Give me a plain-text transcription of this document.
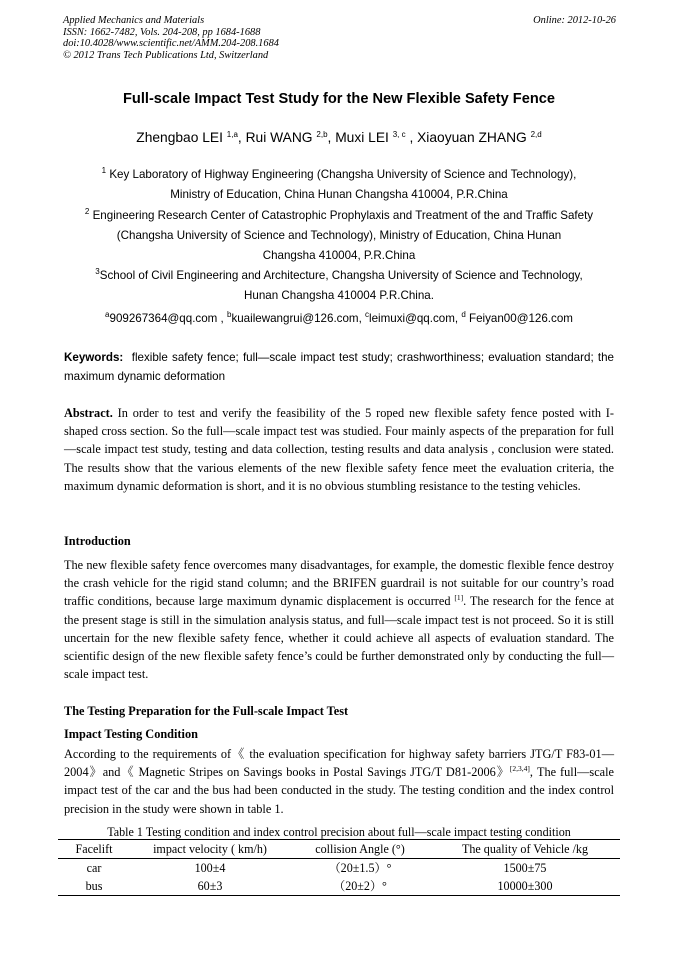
Applied Mechanics and Materials
ISSN: 1662-7482, Vols. 204-208, pp 1684-1688
doi:10.4028/www.scientific.net/AMM.204-208.1684
© 2012 Trans Tech Publications Ltd, Switzerland
Online: 2012-10-26
Full-scale Impact Test Study for the New Flexible Safety Fence
Zhengbao LEI $^{1,a}$, Rui WANG $^{2,b}$, Muxi LEI $^{3, c}$ , Xiaoyuan ZHANG $^{2,d}$
$^1$ Key Laboratory of Highway Engineering (Changsha University of Science and Technology),
Ministry of Education, China Hunan Changsha 410004, P.R.China
$^2$ Engineering Research Center of Catastrophic Prophylaxis and Treatment of the and Traffic Safety
(Changsha University of Science and Technology), Ministry of Education, China Hunan
Changsha 410004, P.R.China
$^3$School of Civil Engineering and Architecture, Changsha University of Science and Technology,
Hunan Changsha 410004 P.R.China.
$^a$909267364@qq.com , $^b$kuailewangrui@126.com, $^c$leimuxi@qq.com, $^d$ Feiyan00@126.com
Keywords: flexible safety fence; full—scale impact test study; crashworthiness; evaluation standard; the maximum dynamic deformation
Abstract. In order to test and verify the feasibility of the 5 roped new flexible safety fence posted with I-shaped cross section. So the full—scale impact test was studied. Four mainly aspects of the preparation for full—scale impact test study, testing and data collection, testing results and data analysis , conclusion were stated. The results show that the various elements of the new flexible safety fence meet the evaluation criteria, the maximum dynamic deformation is short, and it is no obvious stumbling resistance to the testing vehicles.
Introduction
The new flexible safety fence overcomes many disadvantages, for example, the domestic flexible fence destroy the crash vehicle for the rigid stand column; and the BRIFEN guardrail is not suitable for our country’s road traffic conditions, because large maximum dynamic displacement is occurred [1]. The research for the fence at the present stage is still in the simulation analysis status, and full—scale impact test is not proceed. So it is still uncertain for the new flexible safety fence, whether it could achieve all aspects of evaluation standard. The scientific design of the new flexible safety fence’s could be further demonstrated only by conducting the full—scale impact test.
The Testing Preparation for the Full-scale Impact Test
Impact Testing Condition
According to the requirements of《 the evaluation specification for highway safety barriers JTG/T F83-01—2004》and《 Magnetic Stripes on Savings books in Postal Savings JTG/T D81-2006》[2,3,4], The full—scale impact test of the car and the bus had been conducted in the study. The testing condition and the index control precision in the study were shown in table 1.
Table 1 Testing condition and index control precision about full—scale impact testing condition
Facelift	impact velocity ( km/h)	collision Angle (°)	The quality of Vehicle /kg
car	100±4	（20±1.5）°	1500±75
bus	60±3	（20±2）°	10000±300
